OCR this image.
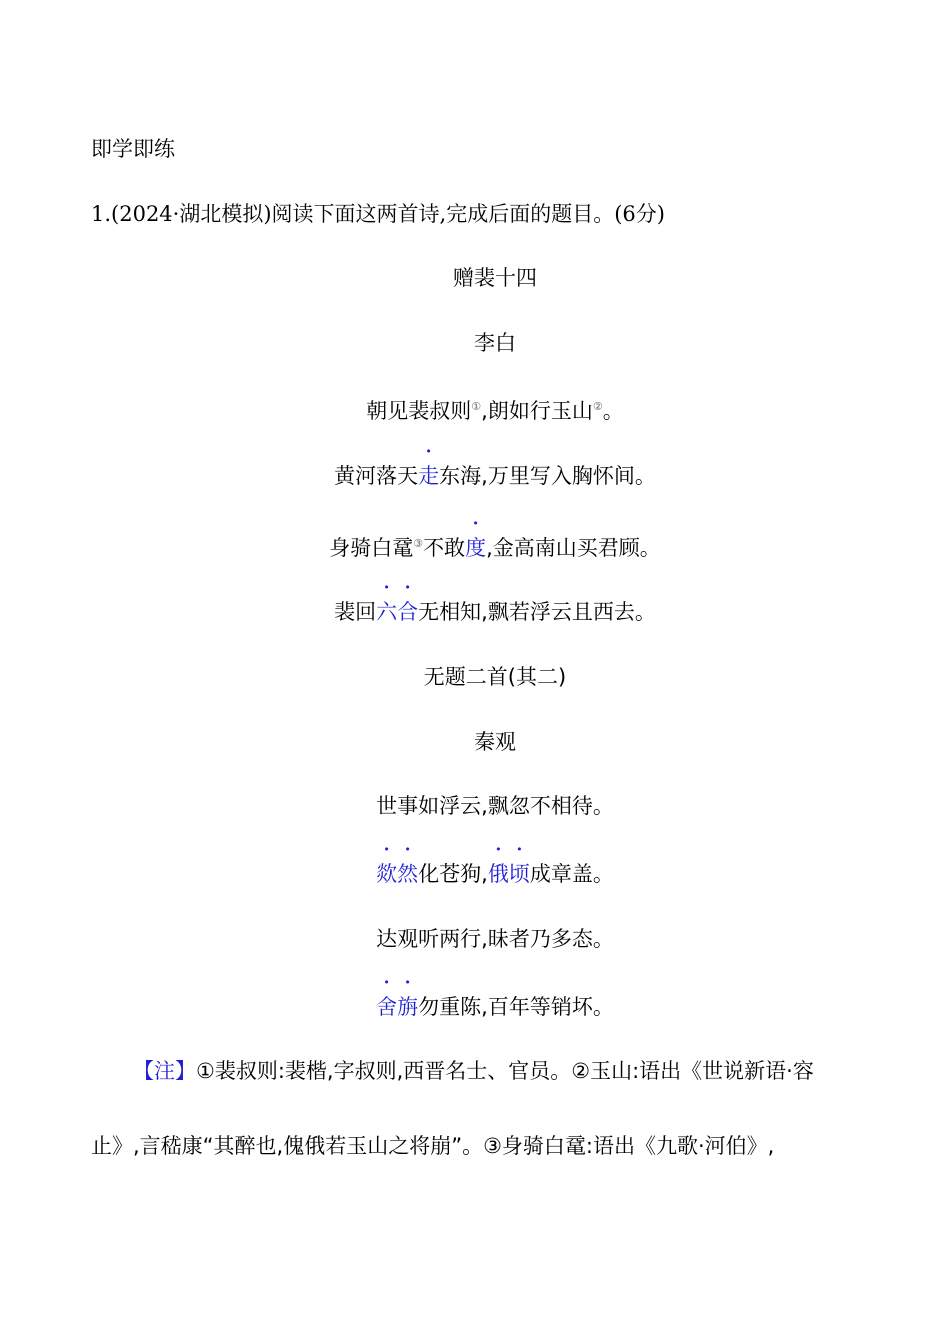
即学即练
1.(2024·湖北模拟)阅读下面这两首诗,完成后面的题目。(6分)
赠裴十四
李白
朝见裴叔则①,朗如行玉山②。
黄河落天走东海,万里写入胸怀间。
身骑白鼋③不敢度,金高南山买君顾。
裴回六合无相知,飘若浮云且西去。
无题二首(其二)
秦观
世事如浮云,飘忽不相待。
欻然化苍狗,俄顷成章盖。
达观听两行,昧者乃多态。
舍旃勿重陈,百年等销坏。
【注】①裴叔则:裴楷,字叔则,西晋名士、官员。②玉山:语出《世说新语·容
止》,言嵇康“其醉也,傀俄若玉山之将崩”。③身骑白鼋:语出《九歌·河伯》,
